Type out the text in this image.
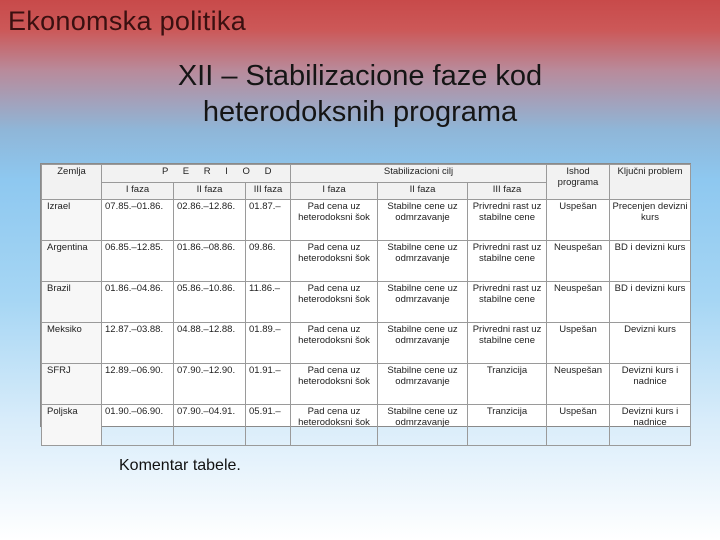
Ekonomska politika
XII – Stabilizacione faze kod
heterodoksnih programa
Zemlja	P E R I O D			Stabilizacioni cilj			Ishod programa	Ključni problem
	I faza	II faza	III faza	I faza	II faza	III faza		
Izrael	07.85.–01.86.	02.86.–12.86.	01.87.–	Pad cena uz heterodoksni šok	Stabilne cene uz odmrzavanje	Privredni rast uz stabilne cene	Uspešan	Precenjen devizni kurs
Argentina	06.85.–12.85.	01.86.–08.86.	09.86.	Pad cena uz heterodoksni šok	Stabilne cene uz odmrzavanje	Privredni rast uz stabilne cene	Neuspešan	BD i devizni kurs
Brazil	01.86.–04.86.	05.86.–10.86.	11.86.–	Pad cena uz heterodoksni šok	Stabilne cene uz odmrzavanje	Privredni rast uz stabilne cene	Neuspešan	BD i devizni kurs
Meksiko	12.87.–03.88.	04.88.–12.88.	01.89.–	Pad cena uz heterodoksni šok	Stabilne cene uz odmrzavanje	Privredni rast uz stabilne cene	Uspešan	Devizni kurs
SFRJ	12.89.–06.90.	07.90.–12.90.	01.91.–	Pad cena uz heterodoksni šok	Stabilne cene uz odmrzavanje	Tranzicija	Neuspešan	Devizni kurs i nadnice
Poljska	01.90.–06.90.	07.90.–04.91.	05.91.–	Pad cena uz heterodoksni šok	Stabilne cene uz odmrzavanje	Tranzicija	Uspešan	Devizni kurs i nadnice
Komentar tabele.
